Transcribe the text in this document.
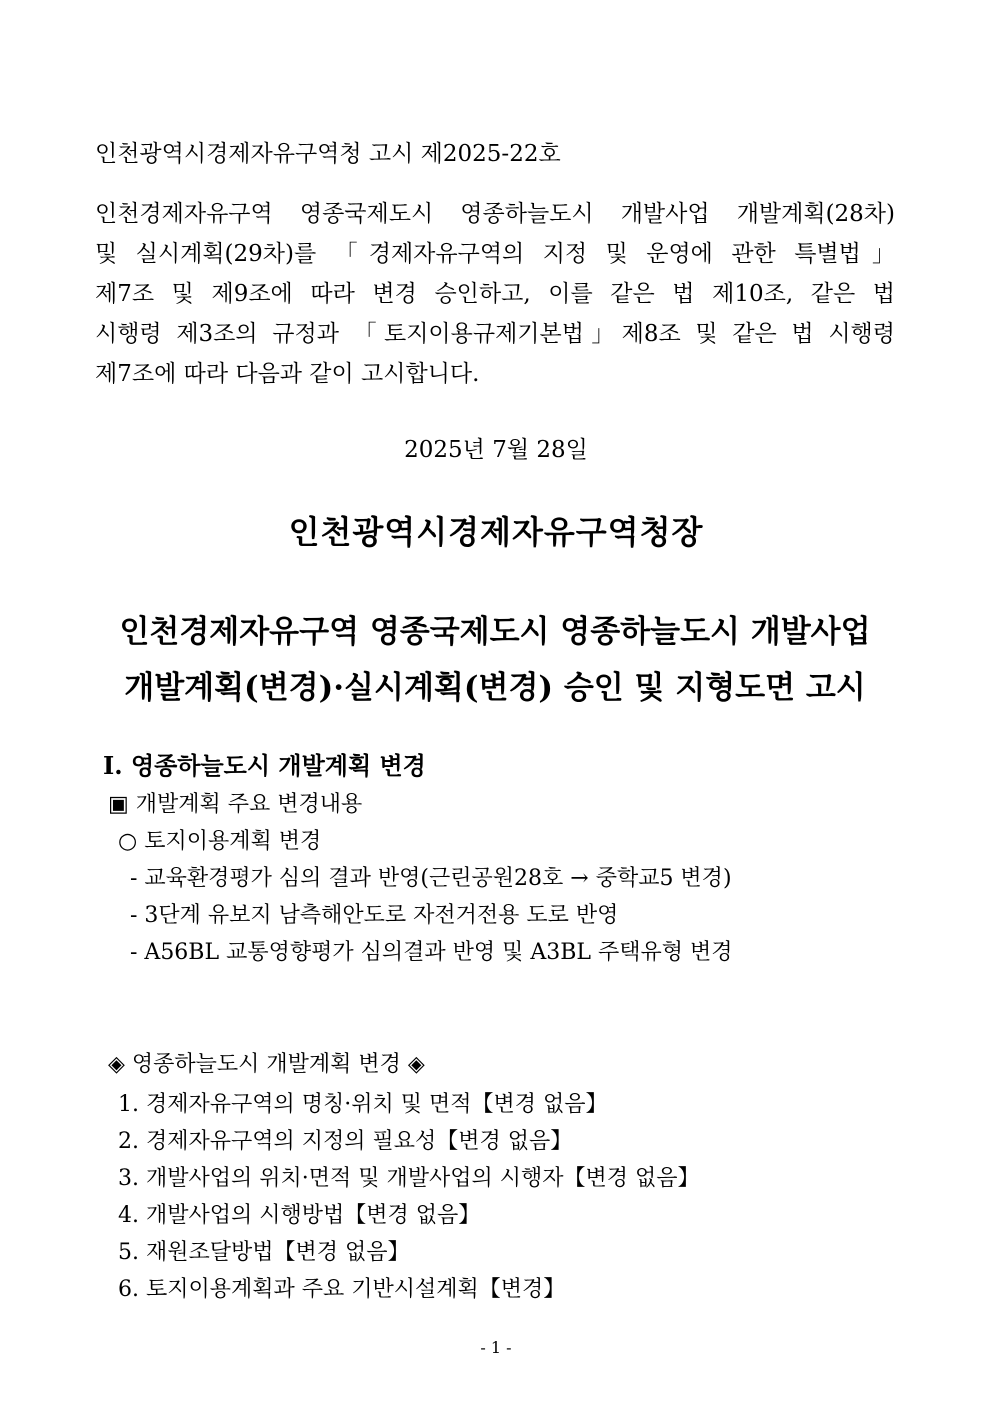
인천광역시경제자유구역청 고시 제2025-22호
인천경제자유구역 영종국제도시 영종하늘도시 개발사업 개발계획(28차)
및 실시계획(29차)를 「경제자유구역의 지정 및 운영에 관한 특별법」
제7조 및 제9조에 따라 변경 승인하고, 이를 같은 법 제10조, 같은 법
시행령 제3조의 규정과 「토지이용규제기본법」제8조 및 같은 법 시행령
제7조에 따라 다음과 같이 고시합니다.
2025년 7월 28일
인천광역시경제자유구역청장
인천경제자유구역 영종국제도시 영종하늘도시 개발사업
개발계획(변경)·실시계획(변경) 승인 및 지형도면 고시
Ⅰ. 영종하늘도시 개발계획 변경
▣ 개발계획 주요 변경내용
○ 토지이용계획 변경
- 교육환경평가 심의 결과 반영(근린공원28호 → 중학교5 변경)
- 3단계 유보지 남측해안도로 자전거전용 도로 반영
- A56BL 교통영향평가 심의결과 반영 및 A3BL 주택유형 변경
◈ 영종하늘도시 개발계획 변경 ◈
1. 경제자유구역의 명칭·위치 및 면적【변경 없음】
2. 경제자유구역의 지정의 필요성【변경 없음】
3. 개발사업의 위치·면적 및 개발사업의 시행자【변경 없음】
4. 개발사업의 시행방법【변경 없음】
5. 재원조달방법【변경 없음】
6. 토지이용계획과 주요 기반시설계획【변경】
- 1 -
